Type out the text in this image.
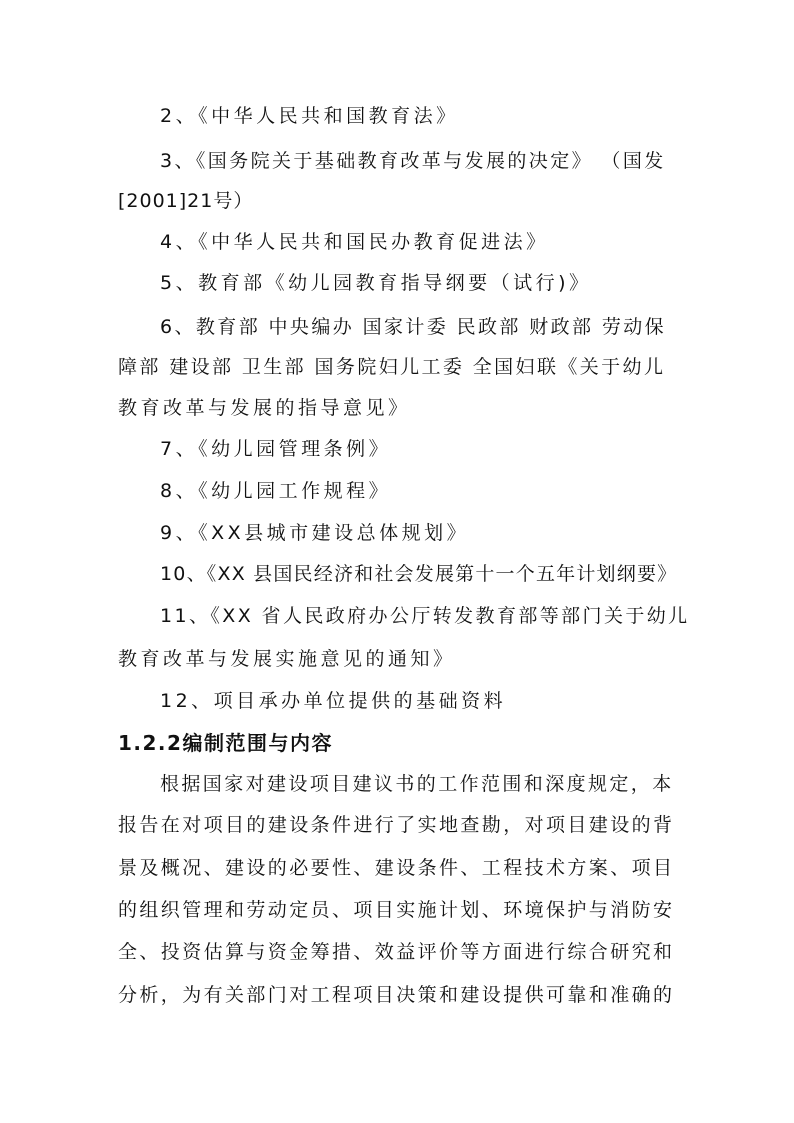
2、《中华人民共和国教育法》
3、《国务院关于基础教育改革与发展的决定》 （国发
[2001]21号）
4、《中华人民共和国民办教育促进法》
5、教育部《幼儿园教育指导纲要（试行)》
6、教育部 中央编办 国家计委 民政部 财政部 劳动保
障部 建设部 卫生部 国务院妇儿工委 全国妇联《关于幼儿
教育改革与发展的指导意见》
7、《幼儿园管理条例》
8、《幼儿园工作规程》
9、《XX县城市建设总体规划》
10、《XX 县国民经济和社会发展第十一个五年计划纲要》
11、《XX 省人民政府办公厅转发教育部等部门关于幼儿
教育改革与发展实施意见的通知》
12、项目承办单位提供的基础资料
1.2.2编制范围与内容
根据国家对建设项目建议书的工作范围和深度规定，本
报告在对项目的建设条件进行了实地查勘，对项目建设的背
景及概况、建设的必要性、建设条件、工程技术方案、项目
的组织管理和劳动定员、项目实施计划、环境保护与消防安
全、投资估算与资金筹措、效益评价等方面进行综合研究和
分析，为有关部门对工程项目决策和建设提供可靠和准确的
